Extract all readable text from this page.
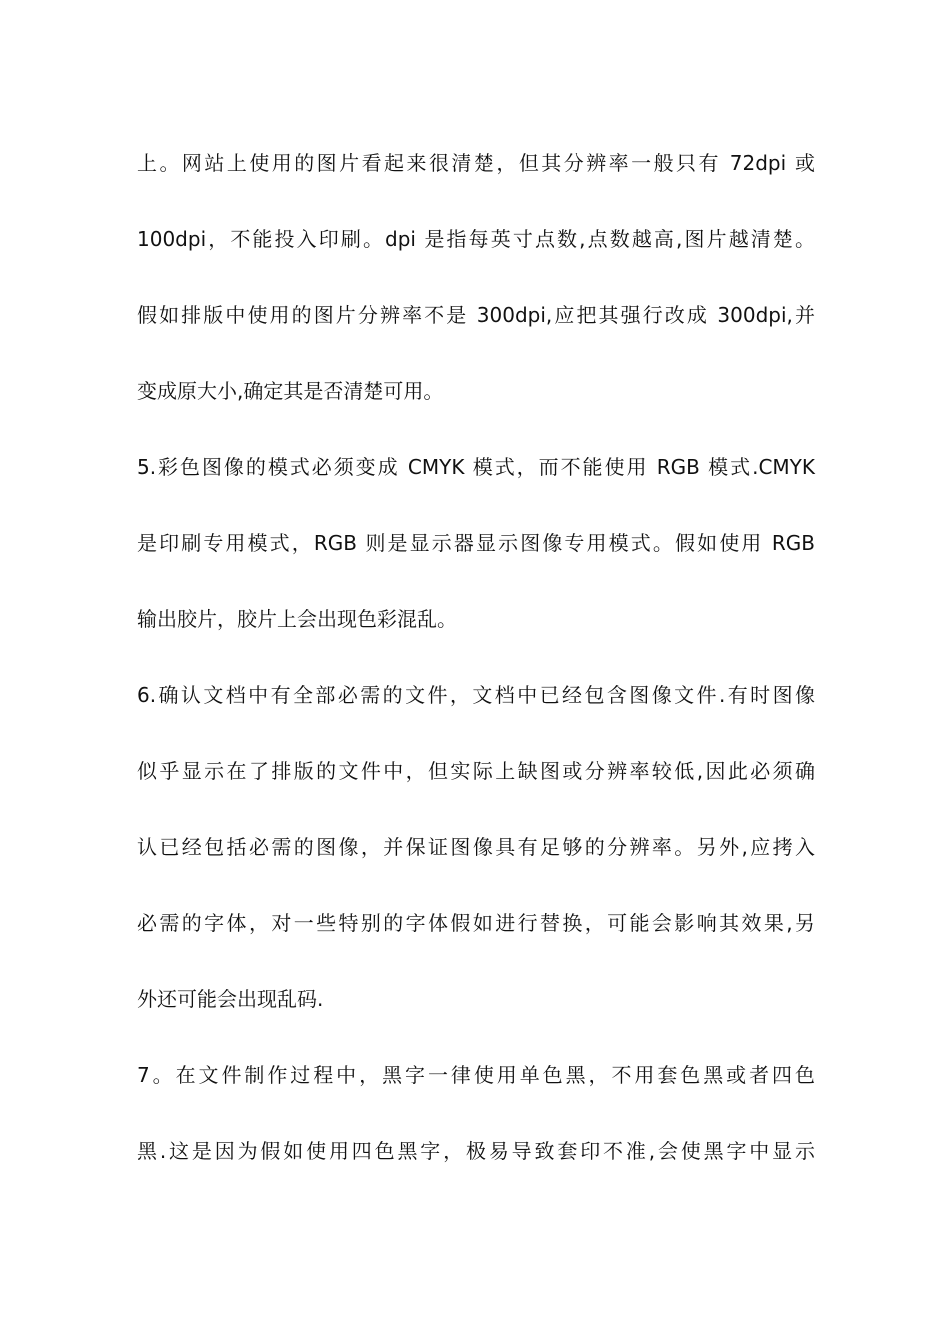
上。网站上使用的图片看起来很清楚，但其分辨率一般只有 72dpi 或
100dpi，不能投入印刷。dpi 是指每英寸点数,点数越高,图片越清楚。
假如排版中使用的图片分辨率不是 300dpi,应把其强行改成 300dpi,并
变成原大小,确定其是否清楚可用。
5.彩色图像的模式必须变成 CMYK 模式，而不能使用 RGB 模式.CMYK
是印刷专用模式，RGB 则是显示器显示图像专用模式。假如使用 RGB
输出胶片，胶片上会出现色彩混乱。
6.确认文档中有全部必需的文件，文档中已经包含图像文件.有时图像
似乎显示在了排版的文件中，但实际上缺图或分辨率较低,因此必须确
认已经包括必需的图像，并保证图像具有足够的分辨率。另外,应拷入
必需的字体，对一些特别的字体假如进行替换，可能会影响其效果,另
外还可能会出现乱码.
7。在文件制作过程中，黑字一律使用单色黑，不用套色黑或者四色
黑.这是因为假如使用四色黑字，极易导致套印不准,会使黑字中显示
